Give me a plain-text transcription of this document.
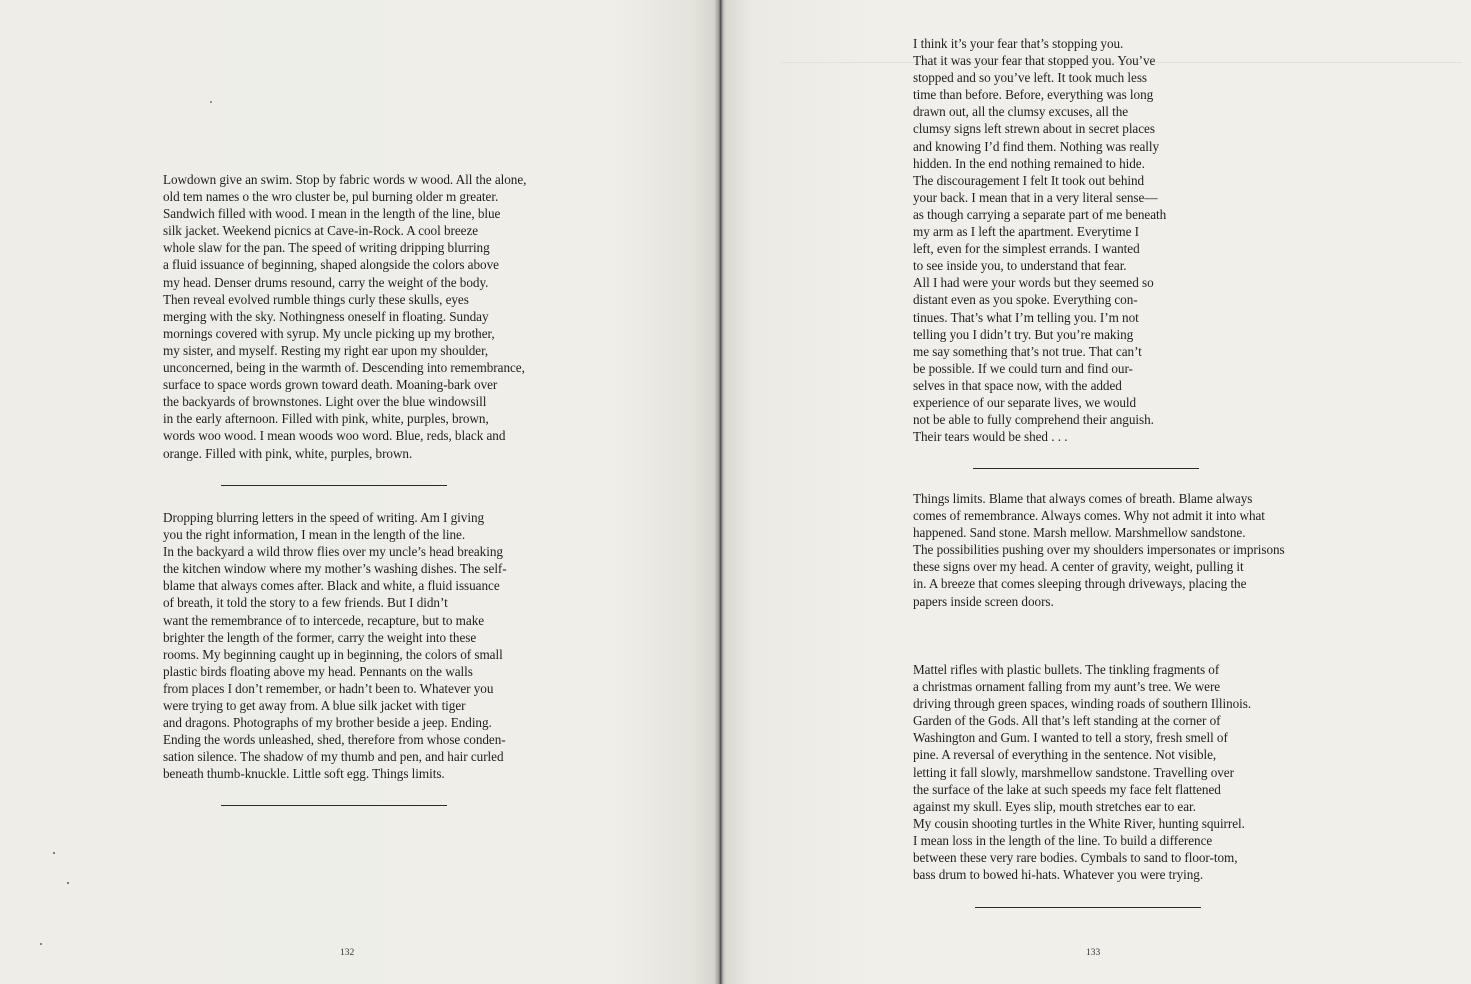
Lowdown give an swim. Stop by fabric words w wood. All the alone,
old tem names o the wro cluster be, pul burning older m greater.
Sandwich filled with wood. I mean in the length of the line, blue
silk jacket. Weekend picnics at Cave-in-Rock. A cool breeze
whole slaw for the pan. The speed of writing dripping blurring
a fluid issuance of beginning, shaped alongside the colors above
my head. Denser drums resound, carry the weight of the body.
Then reveal evolved rumble things curly these skulls, eyes
merging with the sky. Nothingness oneself in floating. Sunday
mornings covered with syrup. My uncle picking up my brother,
my sister, and myself. Resting my right ear upon my shoulder,
unconcerned, being in the warmth of. Descending into remembrance,
surface to space words grown toward death. Moaning-bark over
the backyards of brownstones. Light over the blue windowsill
in the early afternoon. Filled with pink, white, purples, brown,
words woo wood. I mean woods woo word. Blue, reds, black and
orange. Filled with pink, white, purples, brown.
Dropping blurring letters in the speed of writing. Am I giving
you the right information, I mean in the length of the line.
In the backyard a wild throw flies over my uncle’s head breaking
the kitchen window where my mother’s washing dishes. The self-
blame that always comes after. Black and white, a fluid issuance
of breath, it told the story to a few friends. But I didn’t
want the remembrance of to intercede, recapture, but to make
brighter the length of the former, carry the weight into these
rooms. My beginning caught up in beginning, the colors of small
plastic birds floating above my head. Pennants on the walls
from places I don’t remember, or hadn’t been to. Whatever you
were trying to get away from. A blue silk jacket with tiger
and dragons. Photographs of my brother beside a jeep. Ending.
Ending the words unleashed, shed, therefore from whose conden-
sation silence. The shadow of my thumb and pen, and hair curled
beneath thumb-knuckle. Little soft egg. Things limits.
132
I think it’s your fear that’s stopping you.
That it was your fear that stopped you. You’ve
stopped and so you’ve left. It took much less
time than before. Before, everything was long
drawn out, all the clumsy excuses, all the
clumsy signs left strewn about in secret places
and knowing I’d find them. Nothing was really
hidden. In the end nothing remained to hide.
The discouragement I felt It took out behind
your back. I mean that in a very literal sense—
as though carrying a separate part of me beneath
my arm as I left the apartment. Everytime I
left, even for the simplest errands. I wanted
to see inside you, to understand that fear.
All I had were your words but they seemed so
distant even as you spoke. Everything con-
tinues. That’s what I’m telling you. I’m not
telling you I didn’t try. But you’re making
me say something that’s not true. That can’t
be possible. If we could turn and find our-
selves in that space now, with the added
experience of our separate lives, we would
not be able to fully comprehend their anguish.
Their tears would be shed . . .
Things limits. Blame that always comes of breath. Blame always
comes of remembrance. Always comes. Why not admit it into what
happened. Sand stone. Marsh mellow. Marshmellow sandstone.
The possibilities pushing over my shoulders impersonates or imprisons
these signs over my head. A center of gravity, weight, pulling it
in. A breeze that comes sleeping through driveways, placing the
papers inside screen doors.
Mattel rifles with plastic bullets. The tinkling fragments of
a christmas ornament falling from my aunt’s tree. We were
driving through green spaces, winding roads of southern Illinois.
Garden of the Gods. All that’s left standing at the corner of
Washington and Gum. I wanted to tell a story, fresh smell of
pine. A reversal of everything in the sentence. Not visible,
letting it fall slowly, marshmellow sandstone. Travelling over
the surface of the lake at such speeds my face felt flattened
against my skull. Eyes slip, mouth stretches ear to ear.
My cousin shooting turtles in the White River, hunting squirrel.
I mean loss in the length of the line. To build a difference
between these very rare bodies. Cymbals to sand to floor-tom,
bass drum to bowed hi-hats. Whatever you were trying.
133
